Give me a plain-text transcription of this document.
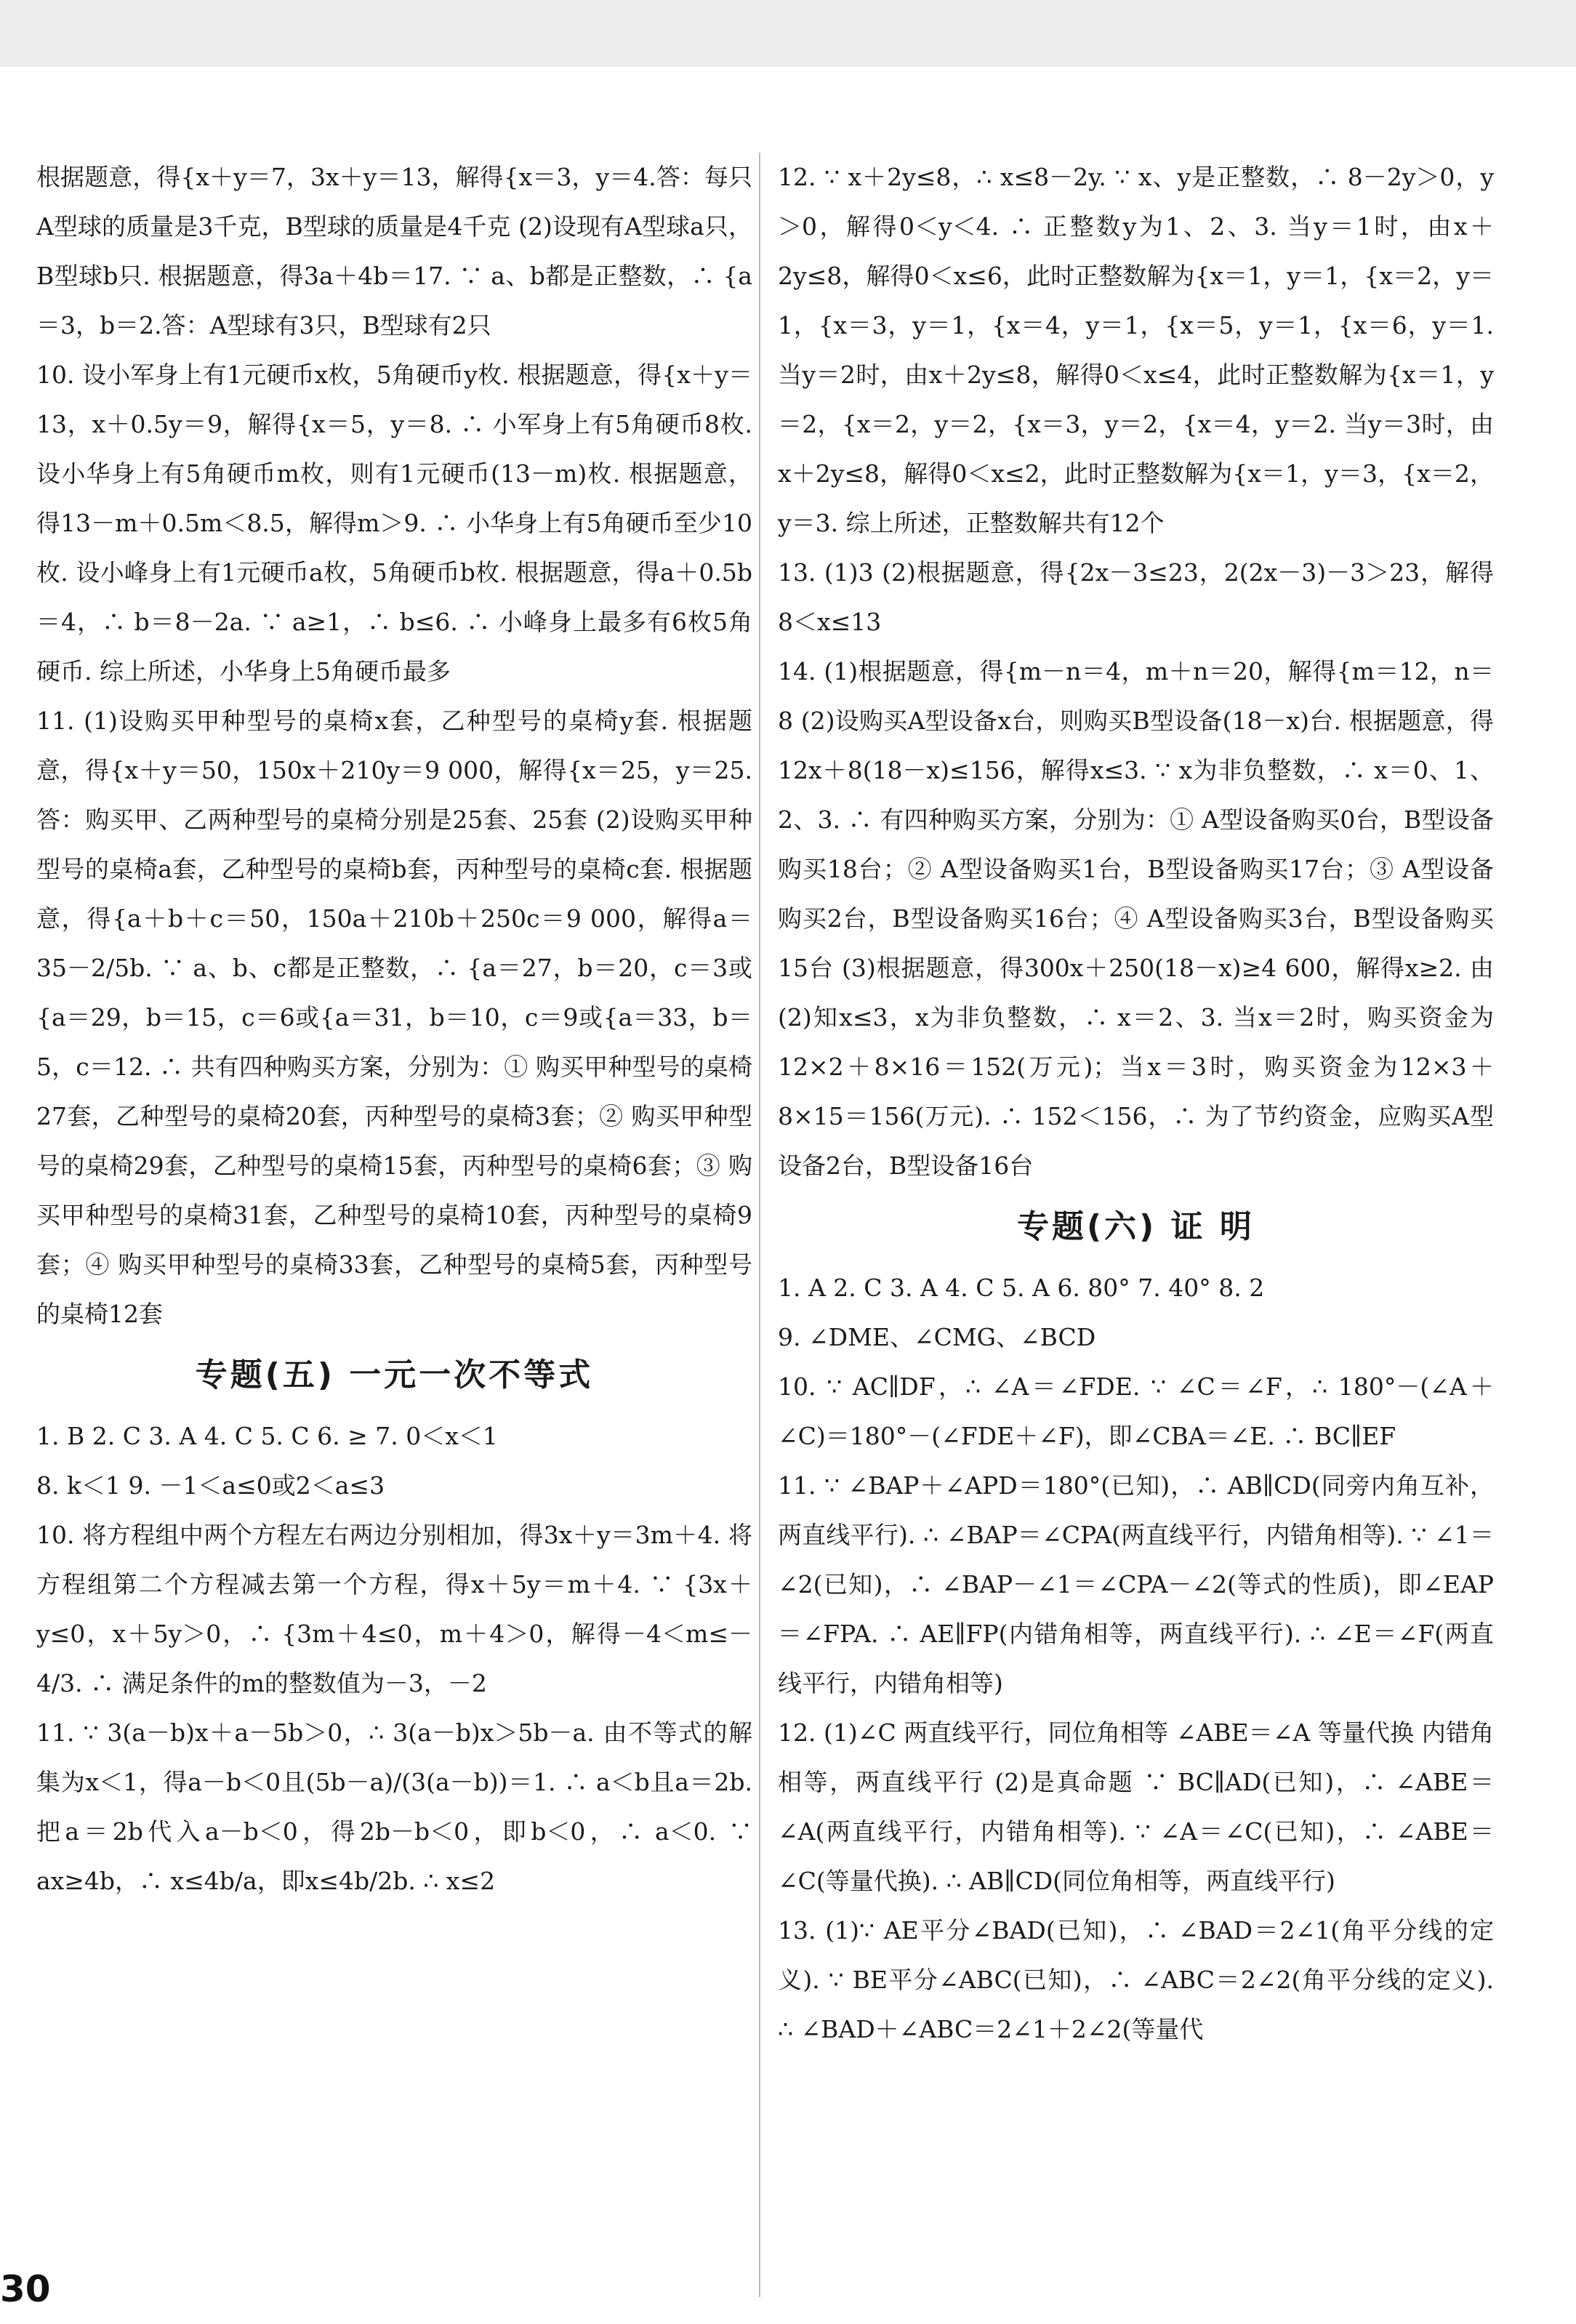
根据题意，得{x＋y＝7，3x＋y＝13，解得{x＝3，y＝4.答：每只A型球的质量是3千克，B型球的质量是4千克 (2)设现有A型球a只，B型球b只. 根据题意，得3a＋4b＝17. ∵ a、b都是正整数，∴ {a＝3，b＝2.答：A型球有3只，B型球有2只

10. 设小军身上有1元硬币x枚，5角硬币y枚. 根据题意，得{x＋y＝13，x＋0.5y＝9，解得{x＝5，y＝8. ∴ 小军身上有5角硬币8枚. 设小华身上有5角硬币m枚，则有1元硬币(13－m)枚. 根据题意，得13－m＋0.5m＜8.5，解得m＞9. ∴ 小华身上有5角硬币至少10枚. 设小峰身上有1元硬币a枚，5角硬币b枚. 根据题意，得a＋0.5b＝4，∴ b＝8－2a. ∵ a≥1，∴ b≤6. ∴ 小峰身上最多有6枚5角硬币. 综上所述，小华身上5角硬币最多

11. (1)设购买甲种型号的桌椅x套，乙种型号的桌椅y套. 根据题意，得{x＋y＝50，150x＋210y＝9 000，解得{x＝25，y＝25.答：购买甲、乙两种型号的桌椅分别是25套、25套 (2)设购买甲种型号的桌椅a套，乙种型号的桌椅b套，丙种型号的桌椅c套. 根据题意，得{a＋b＋c＝50，150a＋210b＋250c＝9 000，解得a＝35－2/5b. ∵ a、b、c都是正整数，∴ {a＝27，b＝20，c＝3或{a＝29，b＝15，c＝6或{a＝31，b＝10，c＝9或{a＝33，b＝5，c＝12. ∴ 共有四种购买方案，分别为：① 购买甲种型号的桌椅27套，乙种型号的桌椅20套，丙种型号的桌椅3套；② 购买甲种型号的桌椅29套，乙种型号的桌椅15套，丙种型号的桌椅6套；③ 购买甲种型号的桌椅31套，乙种型号的桌椅10套，丙种型号的桌椅9套；④ 购买甲种型号的桌椅33套，乙种型号的桌椅5套，丙种型号的桌椅12套

专题(五) 一元一次不等式

1. B 2. C 3. A 4. C 5. C 6. ≥ 7. 0＜x＜1

8. k＜1 9. －1＜a≤0或2＜a≤3

10. 将方程组中两个方程左右两边分别相加，得3x＋y＝3m＋4. 将方程组第二个方程减去第一个方程，得x＋5y＝m＋4. ∵ {3x＋y≤0，x＋5y＞0，∴ {3m＋4≤0，m＋4＞0，解得－4＜m≤－4/3. ∴ 满足条件的m的整数值为－3，－2

11. ∵ 3(a－b)x＋a－5b＞0，∴ 3(a－b)x＞5b－a. 由不等式的解集为x＜1，得a－b＜0且(5b－a)/(3(a－b))＝1. ∴ a＜b且a＝2b. 把a＝2b代入a－b＜0，得2b－b＜0，即b＜0，∴ a＜0. ∵ ax≥4b，∴ x≤4b/a，即x≤4b/2b. ∴ x≤2

12. ∵ x＋2y≤8，∴ x≤8－2y. ∵ x、y是正整数，∴ 8－2y＞0，y＞0，解得0＜y＜4. ∴ 正整数y为1、2、3. 当y＝1时，由x＋2y≤8，解得0＜x≤6，此时正整数解为{x＝1，y＝1，{x＝2，y＝1，{x＝3，y＝1，{x＝4，y＝1，{x＝5，y＝1，{x＝6，y＝1. 当y＝2时，由x＋2y≤8，解得0＜x≤4，此时正整数解为{x＝1，y＝2，{x＝2，y＝2，{x＝3，y＝2，{x＝4，y＝2. 当y＝3时，由x＋2y≤8，解得0＜x≤2，此时正整数解为{x＝1，y＝3，{x＝2，y＝3. 综上所述，正整数解共有12个

13. (1)3 (2)根据题意，得{2x－3≤23，2(2x－3)－3＞23，解得8＜x≤13

14. (1)根据题意，得{m－n＝4，m＋n＝20，解得{m＝12，n＝8 (2)设购买A型设备x台，则购买B型设备(18－x)台. 根据题意，得12x＋8(18－x)≤156，解得x≤3. ∵ x为非负整数，∴ x＝0、1、2、3. ∴ 有四种购买方案，分别为：① A型设备购买0台，B型设备购买18台；② A型设备购买1台，B型设备购买17台；③ A型设备购买2台，B型设备购买16台；④ A型设备购买3台，B型设备购买15台 (3)根据题意，得300x＋250(18－x)≥4 600，解得x≥2. 由(2)知x≤3，x为非负整数，∴ x＝2、3. 当x＝2时，购买资金为12×2＋8×16＝152(万元)；当x＝3时，购买资金为12×3＋8×15＝156(万元). ∴ 152＜156，∴ 为了节约资金，应购买A型设备2台，B型设备16台

专题(六) 证 明

1. A 2. C 3. A 4. C 5. A 6. 80° 7. 40° 8. 2

9. ∠DME、∠CMG、∠BCD

10. ∵ AC∥DF，∴ ∠A＝∠FDE. ∵ ∠C＝∠F，∴ 180°－(∠A＋∠C)＝180°－(∠FDE＋∠F)，即∠CBA＝∠E. ∴ BC∥EF

11. ∵ ∠BAP＋∠APD＝180°(已知)，∴ AB∥CD(同旁内角互补，两直线平行). ∴ ∠BAP＝∠CPA(两直线平行，内错角相等). ∵ ∠1＝∠2(已知)，∴ ∠BAP－∠1＝∠CPA－∠2(等式的性质)，即∠EAP＝∠FPA. ∴ AE∥FP(内错角相等，两直线平行). ∴ ∠E＝∠F(两直线平行，内错角相等)

12. (1)∠C 两直线平行，同位角相等 ∠ABE＝∠A 等量代换 内错角相等，两直线平行 (2)是真命题 ∵ BC∥AD(已知)，∴ ∠ABE＝∠A(两直线平行，内错角相等). ∵ ∠A＝∠C(已知)，∴ ∠ABE＝∠C(等量代换). ∴ AB∥CD(同位角相等，两直线平行)

13. (1)∵ AE平分∠BAD(已知)，∴ ∠BAD＝2∠1(角平分线的定义). ∵ BE平分∠ABC(已知)，∴ ∠ABC＝2∠2(角平分线的定义). ∴ ∠BAD＋∠ABC＝2∠1＋2∠2(等量代

30
